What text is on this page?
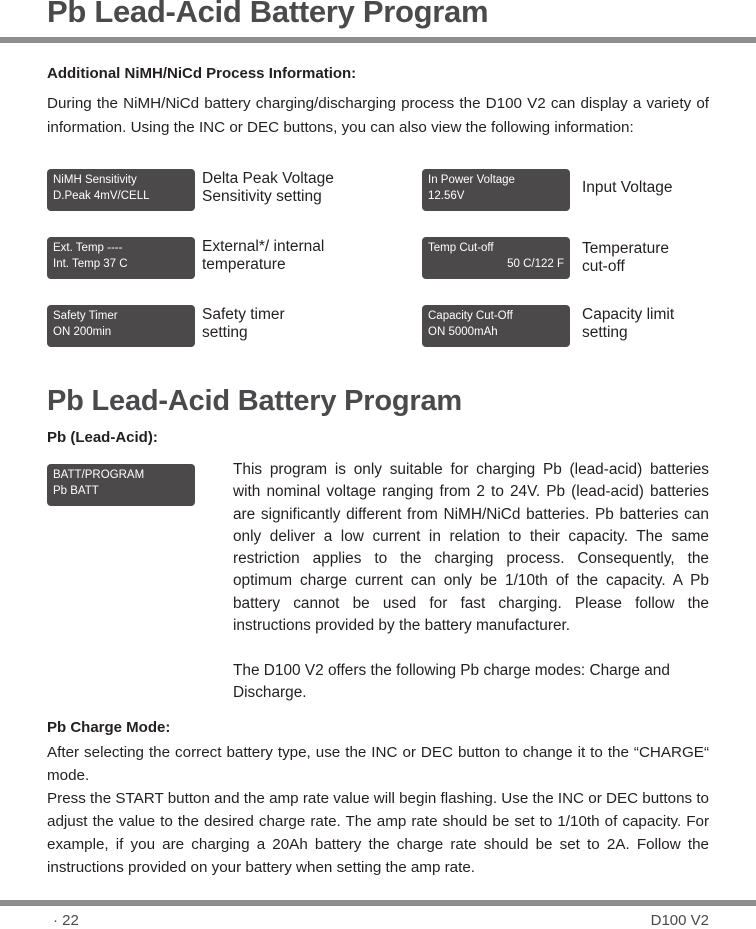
Pb Lead-Acid Battery Program
Additional NiMH/NiCd Process Information:
During the NiMH/NiCd battery charging/discharging process the D100 V2 can display a variety of information. Using the INC or DEC buttons, you can also view the following information:
NiMH Sensitivity
D.Peak 4mV/CELL
Delta Peak Voltage Sensitivity setting
Ext. Temp ----
Int. Temp 37 C
External*/ internal temperature
Safety Timer
ON 200min
Safety timer setting
In Power Voltage
12.56V	Input Voltage
Temp Cut-off
50 C/122 F
Temperature cut-off
Capacity Cut-Off
ON 5000mAh
Capacity limit setting
Pb Lead-Acid Battery Program
Pb (Lead-Acid):
BATT/PROGRAM
Pb BATT
This program is only suitable for charging Pb (lead-acid) batteries with nominal voltage ranging from 2 to 24V. Pb (lead-acid) batteries are significantly different from NiMH/NiCd batteries. Pb batteries can only deliver a low current in relation to their capacity. The same restriction applies to the charging process. Consequently, the optimum charge current can only be 1/10th of the capacity. A Pb battery cannot be used for fast charging. Please follow the instructions provided by the battery manufacturer.
The D100 V2 offers the following Pb charge modes: Charge and Discharge.
Pb Charge Mode:
After selecting the correct battery type, use the INC or DEC button to change it to the “CHARGE“ mode.
Press the START button and the amp rate value will begin flashing. Use the INC or DEC buttons to adjust the value to the desired charge rate. The amp rate should be set to 1/10th of capacity. For example, if you are charging a 20Ah battery the charge rate should be set to 2A. Follow the instructions provided on your battery when setting the amp rate.
· 22	D100 V2
